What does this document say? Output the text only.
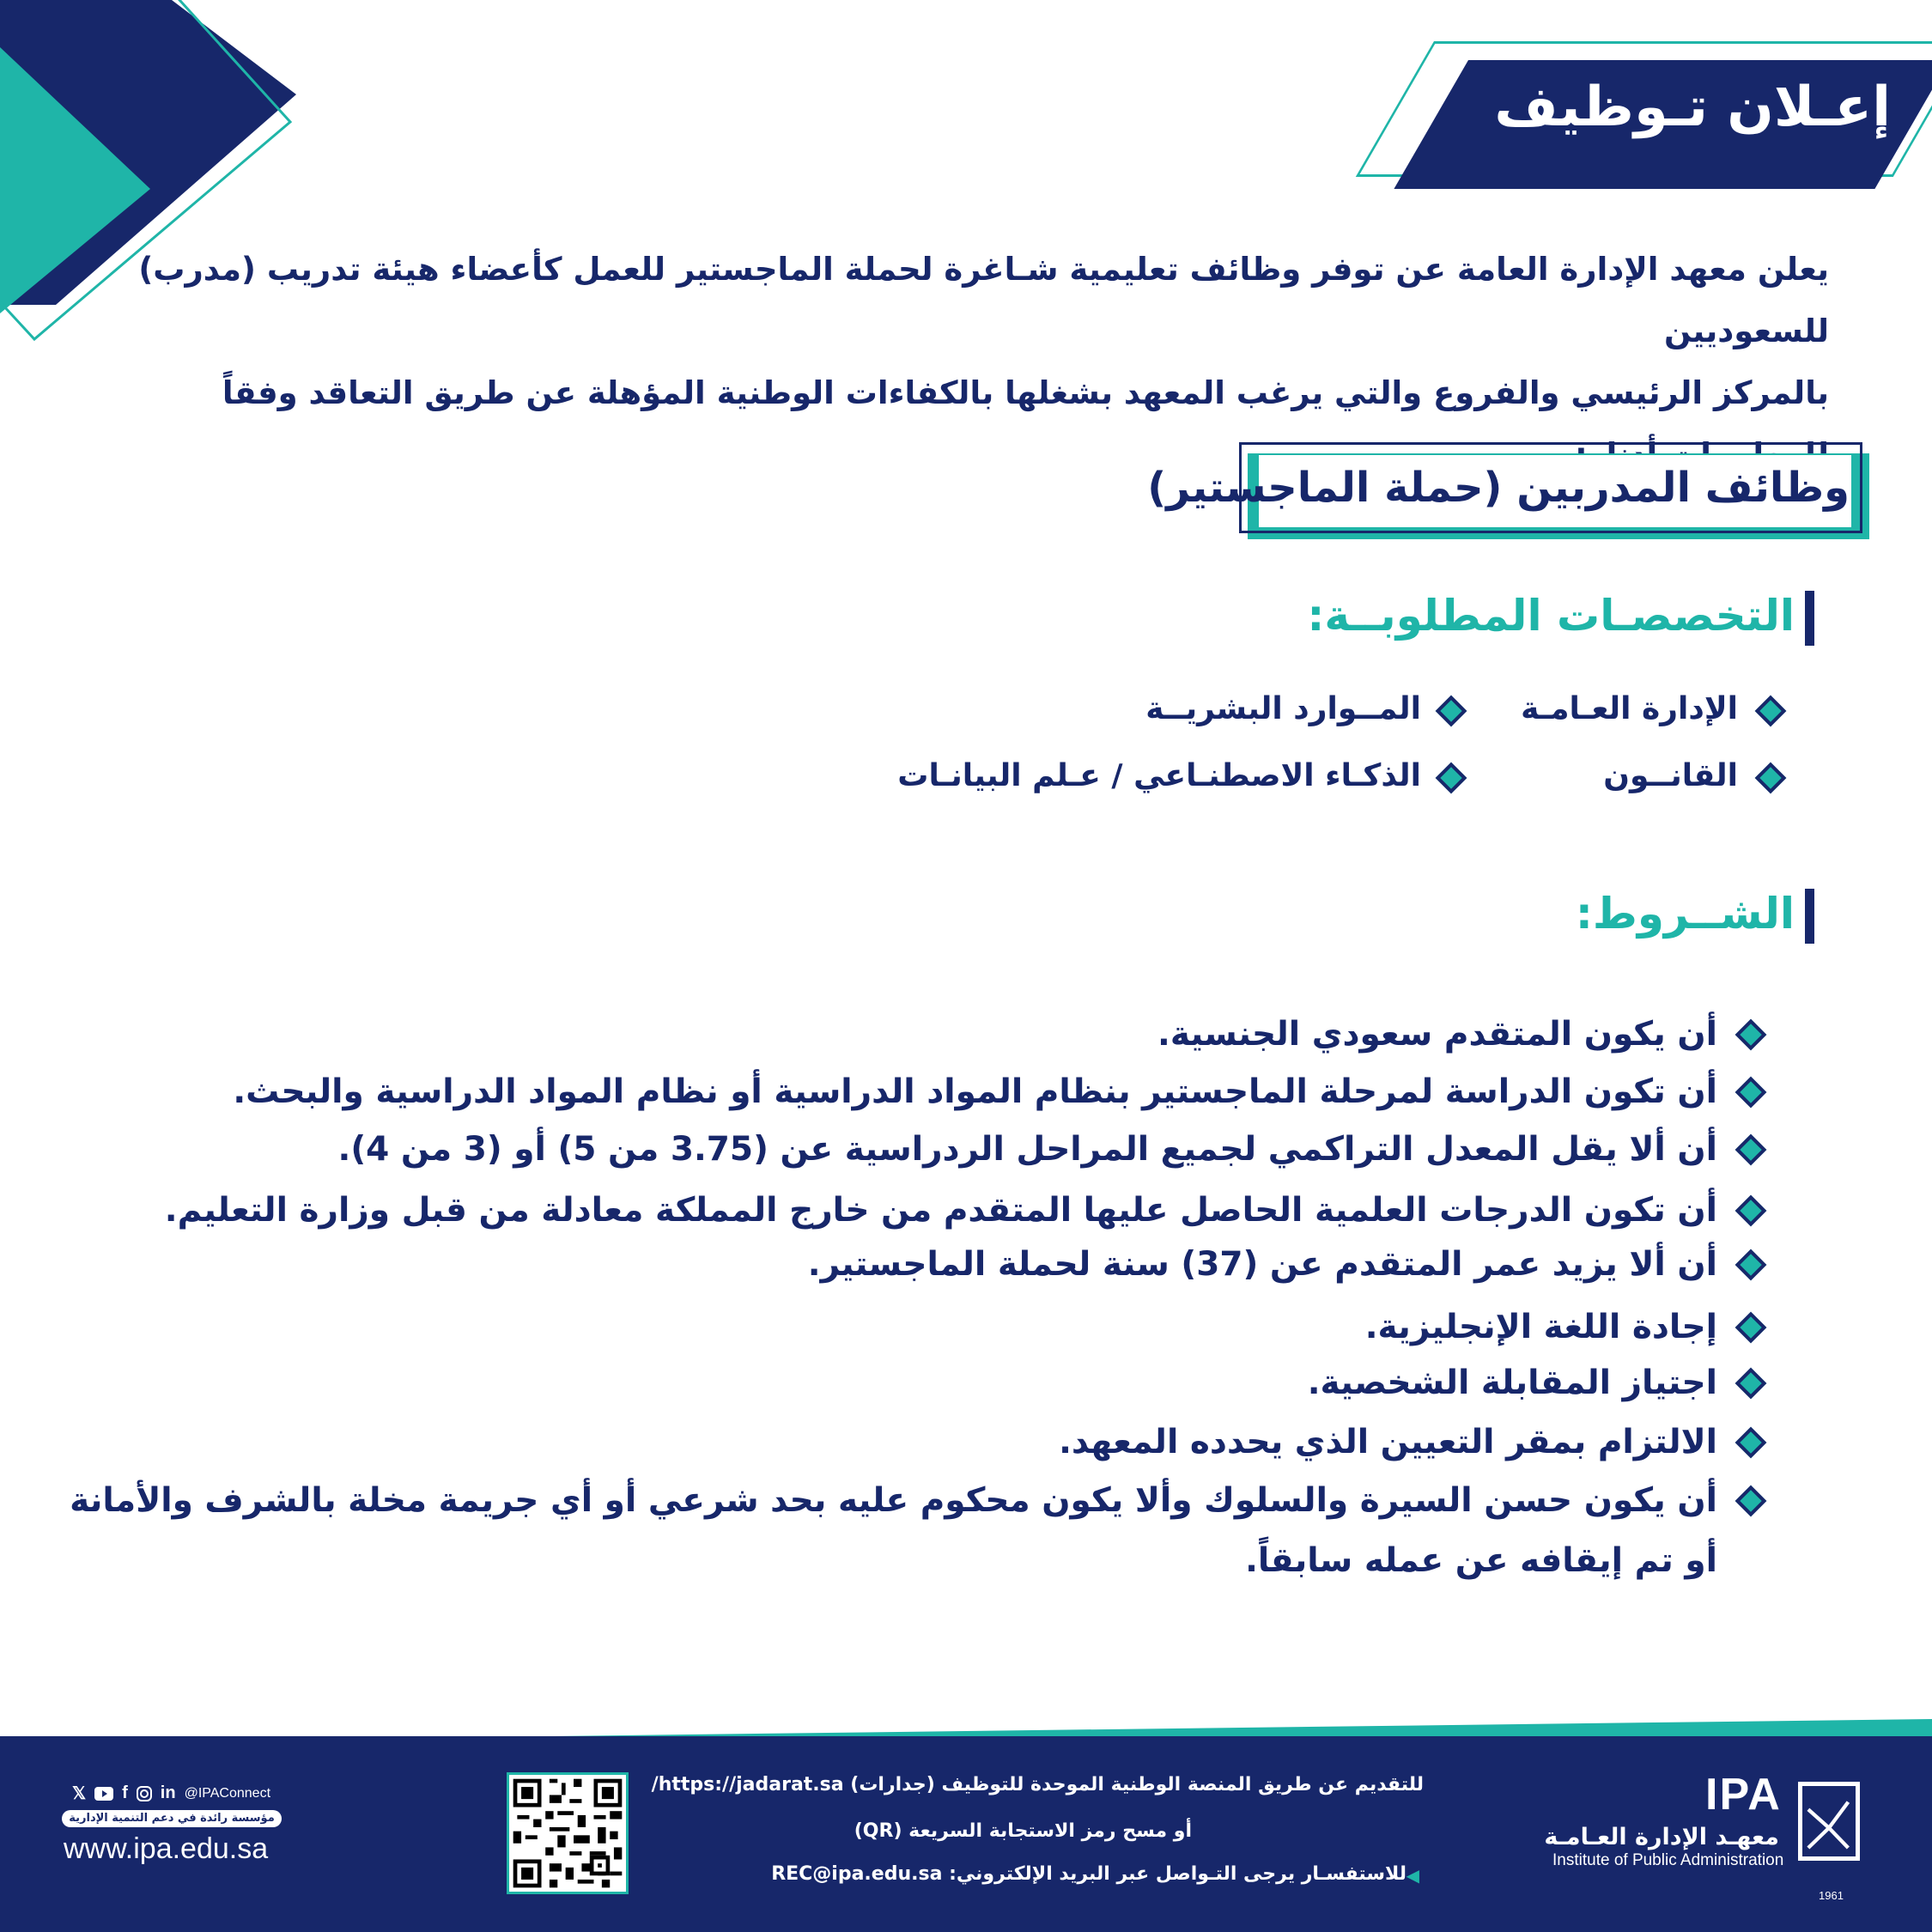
إعـلان تـوظيف
يعلن معهد الإدارة العامة عن توفر وظائف تعليمية شـاغرة لحملة الماجستير للعمل كأعضاء هيئة تدريب (مدرب) للسعوديين
بالمركز الرئيسي والفروع والتي يرغب المعهد بشغلها بالكفاءات الوطنية المؤهلة عن طريق التعاقد وفقاً
وظائف المدربين (حملة الماجستير)
التخصصـات المطلوبــة:
الإدارة العـامـة
المــوارد البشريــة
القانــون
الذكـاء الاصطنـاعي / عـلم البيانـات
الشــروط:
أن يكون المتقدم سعودي الجنسية.
أن تكون الدراسة لمرحلة الماجستير بنظام المواد الدراسية أو نظام المواد الدراسية والبحث.
أن ألا يقل المعدل التراكمي لجميع المراحل الردراسية عن (3.75 من 5) أو (3 من 4).
أن تكون الدرجات العلمية الحاصل عليها المتقدم من خارج المملكة معادلة من قبل وزارة التعليم.
أن ألا يزيد عمر المتقدم عن (37) سنة لحملة الماجستير.
إجادة اللغة الإنجليزية.
اجتياز المقابلة الشخصية.
الالتزام بمقر التعيين الذي يحدده المعهد.
أن يكون حسن السيرة والسلوك وألا يكون محكوم عليه بحد شرعي أو أي جريمة مخلة بالشرف والأمانة
أو تم إيقافه عن عمله سابقاً.
للتقديم عن طريق المنصة الوطنية الموحدة للتوظيف (جدارات) https://jadarat.sa/
أو مسح رمز الاستجابة السريعة (QR)
للاستفسـار يرجى التـواصل عبر البريد الإلكتروني: REC@ipa.edu.sa ◀
𝕏 f in @IPAConnect
مؤسسة رائدة في دعم التنمية الإدارية
www.ipa.edu.sa
IPA
معهـد الإدارة العـامـة
Institute of Public Administration
1961
